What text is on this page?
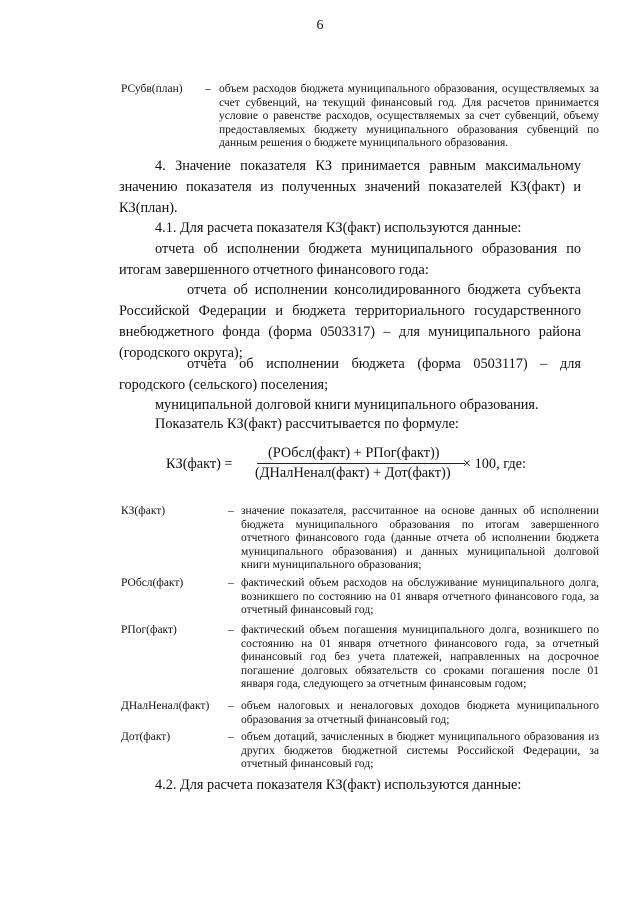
6
РСубв(план) – объем расходов бюджета муниципального образования, осуществляемых за счет субвенций, на текущий финансовый год. Для расчетов принимается условие о равенстве расходов, осуществляемых за счет субвенций, объему предоставляемых бюджету муниципального образования субвенций по данным решения о бюджете муниципального образования.
4. Значение показателя КЗ принимается равным максимальному значению показателя из полученных значений показателей КЗ(факт) и КЗ(план).
4.1. Для расчета показателя КЗ(факт) используются данные:
отчета об исполнении бюджета муниципального образования по итогам завершенного отчетного финансового года:
отчета об исполнении консолидированного бюджета субъекта Российской Федерации и бюджета территориального государственного внебюджетного фонда (форма 0503317) – для муниципального района (городского округа);
отчета об исполнении бюджета (форма 0503117) – для городского (сельского) поселения;
муниципальной долговой книги муниципального образования.
Показатель КЗ(факт) рассчитывается по формуле:
КЗ(факт) =
(РОбсл(факт) + РПог(факт))
(ДНалНенал(факт) + Дот(факт))
× 100, где:
КЗ(факт)	– значение показателя, рассчитанное на основе данных об исполнении бюджета муниципального образования по итогам завершенного отчетного финансового года (данные отчета об исполнении бюджета муниципального образования) и данных муниципальной долговой книги муниципального образования;
РОбсл(факт)	– фактический объем расходов на обслуживание муниципального долга, возникшего по состоянию на 01 января отчетного финансового года, за отчетный финансовый год;
РПог(факт)	– фактический объем погашения муниципального долга, возникшего по состоянию на 01 января отчетного финансового года, за отчетный финансовый год без учета платежей, направленных на досрочное погашение долговых обязательств со сроками погашения после 01 января года, следующего за отчетным финансовым годом;
ДНалНенал(факт) – объем налоговых и неналоговых доходов бюджета муниципального образования за отчетный финансовый год;
Дот(факт)	– объем дотаций, зачисленных в бюджет муниципального образования из других бюджетов бюджетной системы Российской Федерации, за отчетный финансовый год;
4.2. Для расчета показателя КЗ(факт) используются данные:
